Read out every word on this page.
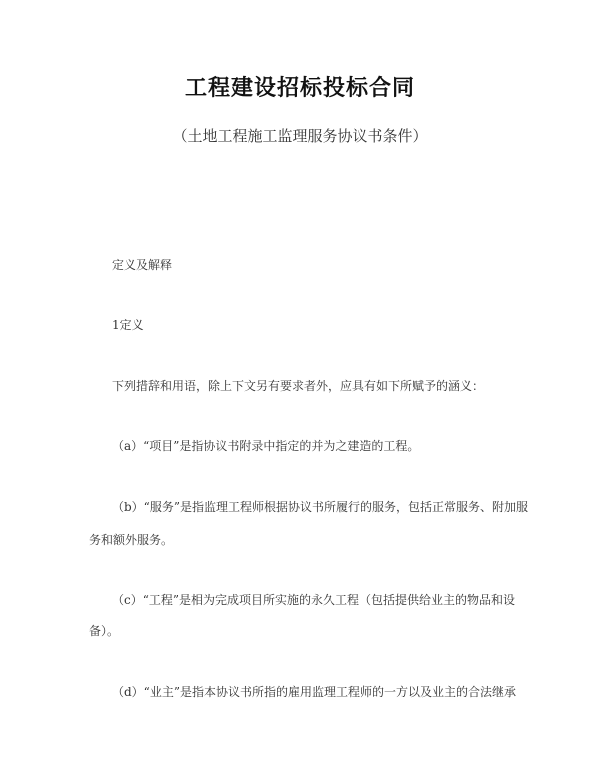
工程建设招标投标合同
（土地工程施工监理服务协议书条件）
定义及解释
1定义
下列措辞和用语，除上下文另有要求者外，应具有如下所赋予的涵义：
（a）“项目”是指协议书附录中指定的并为之建造的工程。
（b）“服务”是指监理工程师根据协议书所履行的服务，包括正常服务、附加服
务和额外服务。
（c）“工程”是相为完成项目所实施的永久工程（包括提供给业主的物品和设
备）。
（d）“业主”是指本协议书所指的雇用监理工程师的一方以及业主的合法继承
